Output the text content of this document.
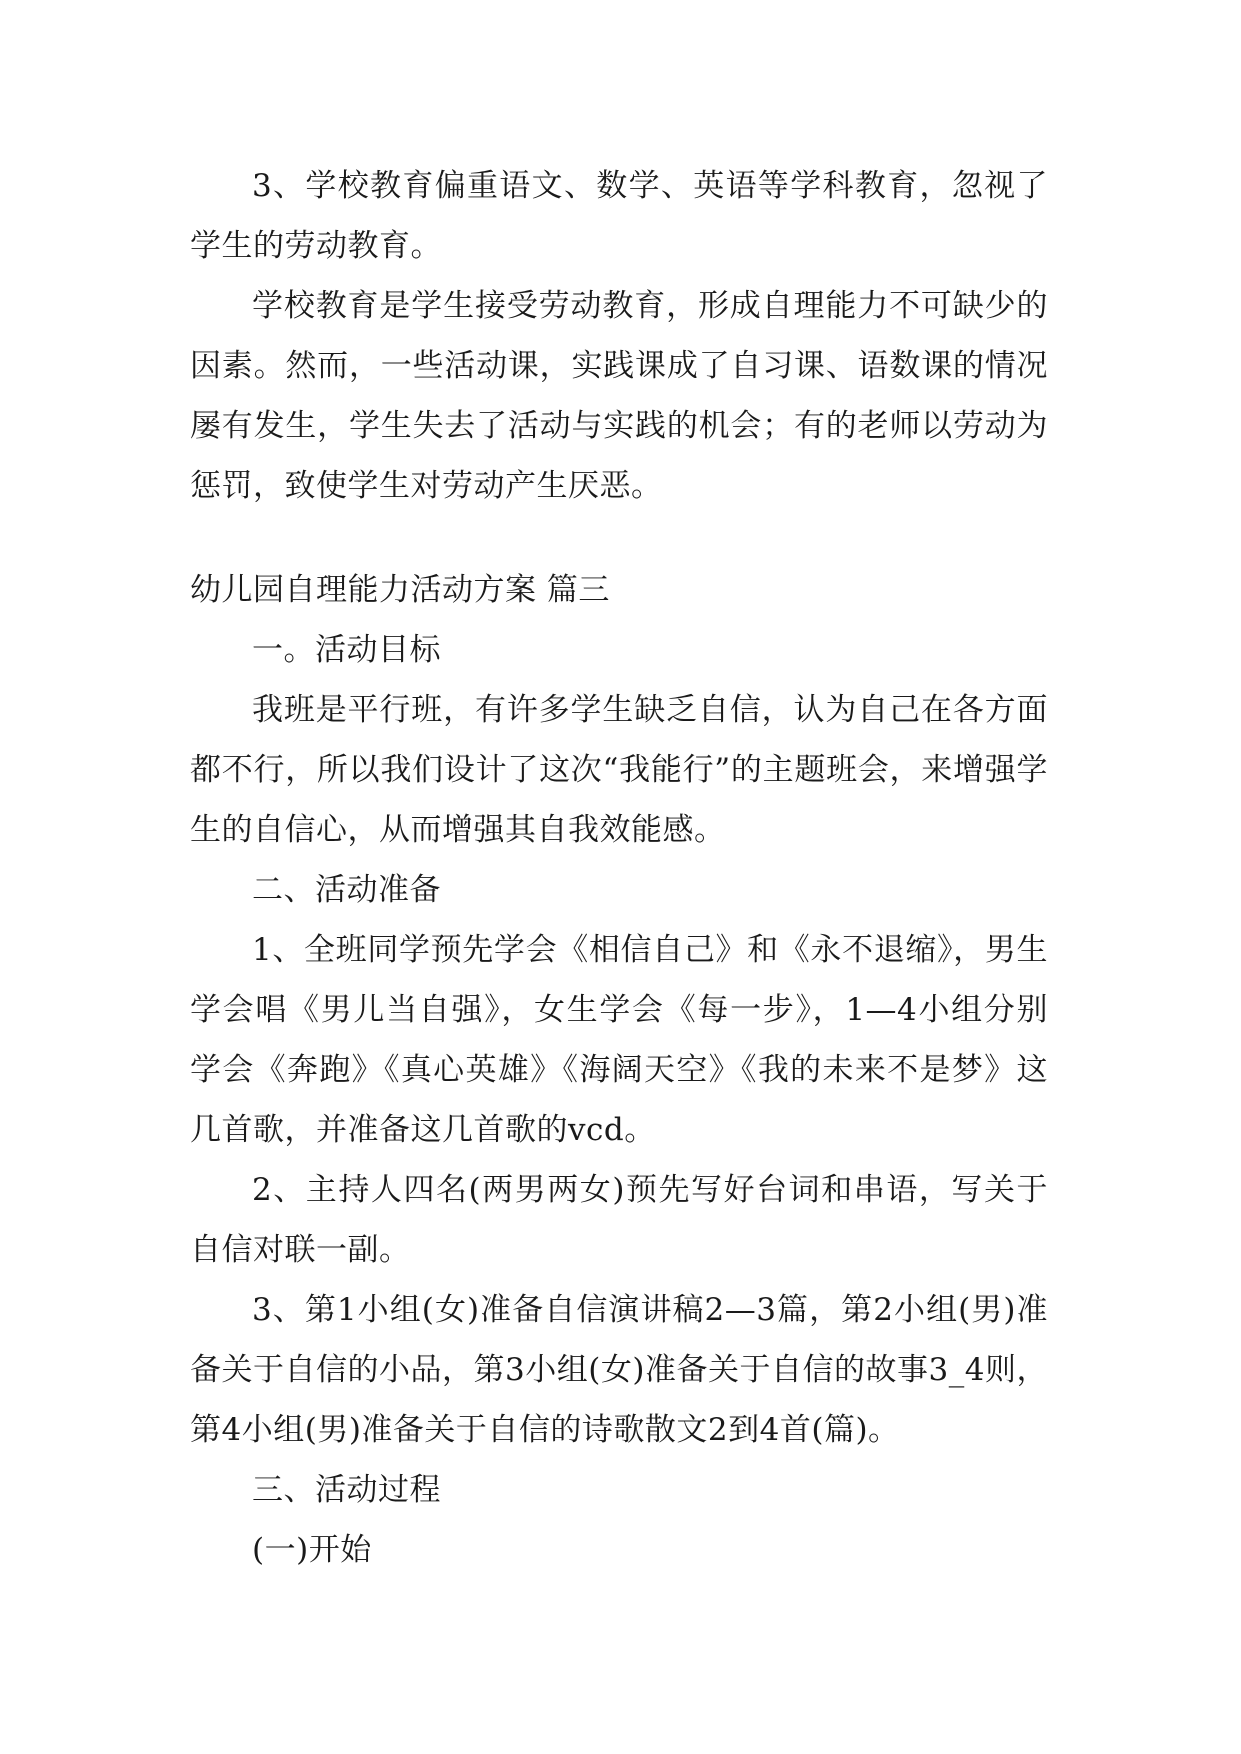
3、学校教育偏重语文、数学、英语等学科教育，忽视了学生的劳动教育。

学校教育是学生接受劳动教育，形成自理能力不可缺少的因素。然而，一些活动课，实践课成了自习课、语数课的情况屡有发生，学生失去了活动与实践的机会；有的老师以劳动为惩罚，致使学生对劳动产生厌恶。

幼儿园自理能力活动方案 篇三

一。活动目标

我班是平行班，有许多学生缺乏自信，认为自己在各方面都不行，所以我们设计了这次“我能行”的主题班会，来增强学生的自信心，从而增强其自我效能感。

二、活动准备

1、全班同学预先学会《相信自己》和《永不退缩》，男生学会唱《男儿当自强》，女生学会《每一步》，1—4小组分别学会《奔跑》《真心英雄》《海阔天空》《我的未来不是梦》这几首歌，并准备这几首歌的vcd。

2、主持人四名(两男两女)预先写好台词和串语，写关于自信对联一副。

3、第1小组(女)准备自信演讲稿2—3篇，第2小组(男)准备关于自信的小品，第3小组(女)准备关于自信的故事3_4则，第4小组(男)准备关于自信的诗歌散文2到4首(篇)。

三、活动过程

(一)开始
